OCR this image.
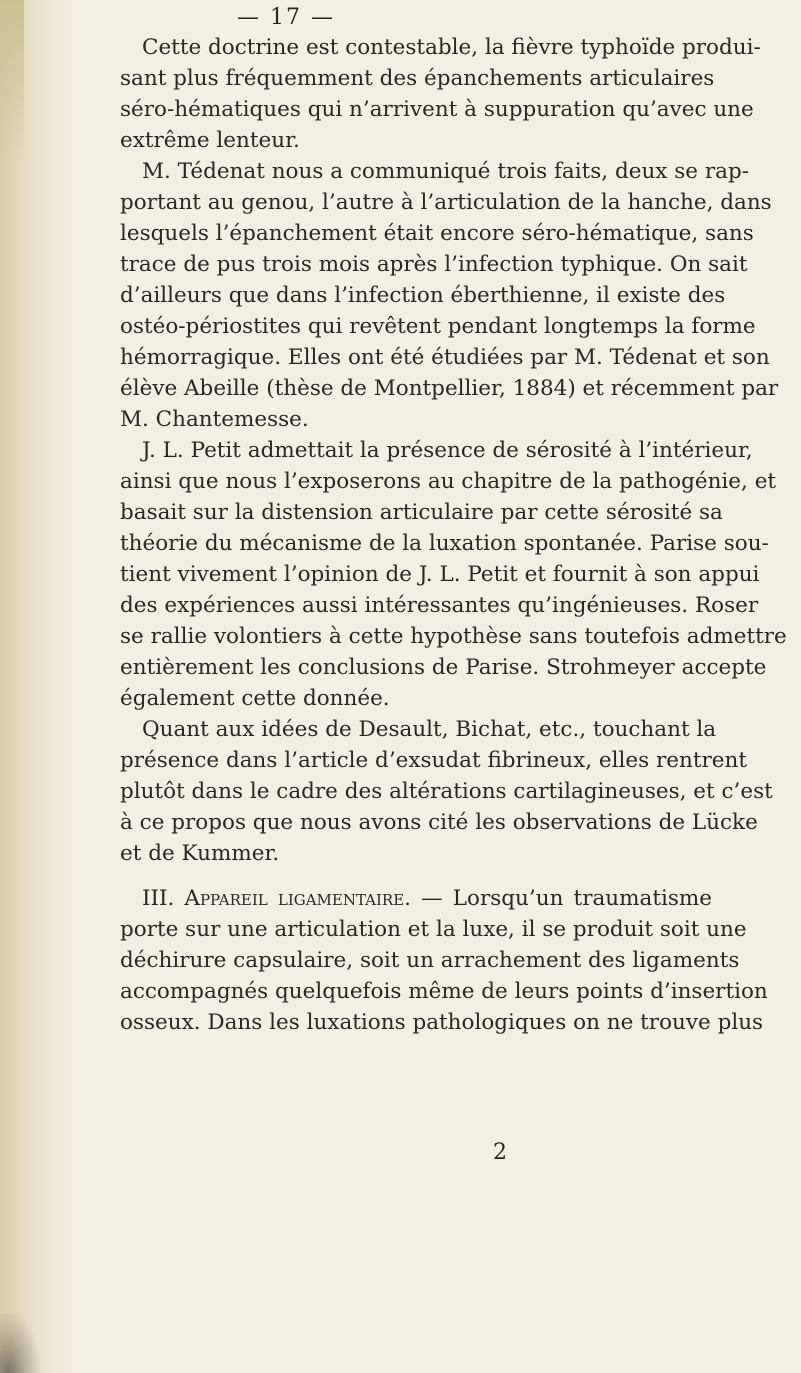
— 17 —
Cette doctrine est contestable, la fièvre typhoïde produi-
sant plus fréquemment des épanchements articulaires
séro-hématiques qui n’arrivent à suppuration qu’avec une
extrême lenteur.
M. Tédenat nous a communiqué trois faits, deux se rap-
portant au genou, l’autre à l’articulation de la hanche, dans
lesquels l’épanchement était encore séro-hématique, sans
trace de pus trois mois après l’infection typhique. On sait
d’ailleurs que dans l’infection éberthienne, il existe des
ostéo-périostites qui revêtent pendant longtemps la forme
hémorragique. Elles ont été étudiées par M. Tédenat et son
élève Abeille (thèse de Montpellier, 1884) et récemment par
M. Chantemesse.
J. L. Petit admettait la présence de sérosité à l’intérieur,
ainsi que nous l’exposerons au chapitre de la pathogénie, et
basait sur la distension articulaire par cette sérosité sa
théorie du mécanisme de la luxation spontanée. Parise sou-
tient vivement l’opinion de J. L. Petit et fournit à son appui
des expériences aussi intéressantes qu’ingénieuses. Roser
se rallie volontiers à cette hypothèse sans toutefois admettre
entièrement les conclusions de Parise. Strohmeyer accepte
également cette donnée.
Quant aux idées de Desault, Bichat, etc., touchant la
présence dans l’article d’exsudat fibrineux, elles rentrent
plutôt dans le cadre des altérations cartilagineuses, et c’est
à ce propos que nous avons cité les observations de Lücke
et de Kummer.
III. Appareil ligamentaire. — Lorsqu’un traumatisme
porte sur une articulation et la luxe, il se produit soit une
déchirure capsulaire, soit un arrachement des ligaments
accompagnés quelquefois même de leurs points d’insertion
osseux. Dans les luxations pathologiques on ne trouve plus
2
